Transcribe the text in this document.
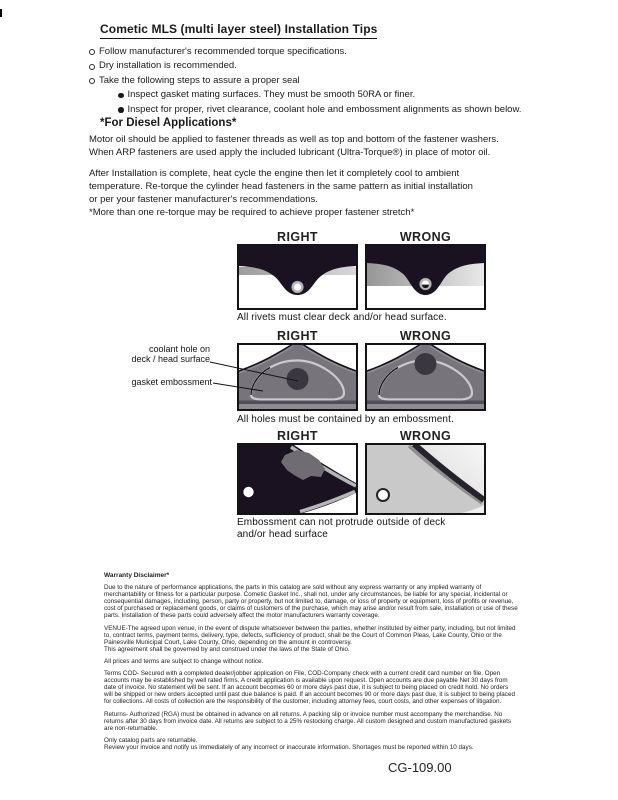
Cometic MLS (multi layer steel) Installation Tips
Follow manufacturer's recommended torque specifications.
Dry installation is recommended.
Take the following steps to assure a proper seal
Inspect gasket mating surfaces. They must be smooth 50RA or finer.
Inspect for proper, rivet clearance, coolant hole and embossment alignments as shown below.
*For Diesel Applications*
Motor oil should be applied to fastener threads as well as top and bottom of the fastener washers.
When ARP fasteners are used apply the included lubricant (Ultra-Torque®) in place of motor oil.
After Installation is complete, heat cycle the engine then let it completely cool to ambient
temperature. Re-torque the cylinder head fasteners in the same pattern as initial installation
or per your fastener manufacturer's recommendations.
*More than one re-torque may be required to achieve proper fastener stretch*
RIGHT	WRONG
All rivets must clear deck and/or head surface.
RIGHT	WRONG
coolant hole on
deck / head surface
gasket embossment
All holes must be contained by an embossment.
RIGHT	WRONG
Embossment can not protrude outside of deck and/or head surface
Warranty Disclaimer*

Due to the nature of performance applications, the parts in this catalog are sold without any express warranty or any implied warranty of merchantability or fitness for a particular purpose. Cometic Gasket Inc., shall not, under any circumstances, be liable for any special, incidental or consequential damages, including, person, party or property, but not limited to, damage, or loss of property or equipment, loss of profits or revenue, cost of purchased or replacement goods, or claims of customers of the purchase, which may arise and/or result from sale, installation or use of these parts. Installation of these parts could adversely affect the motor manufacturers warranty coverage.

VENUE-The agreed upon venue, in the event of dispute whatsoever between the parties, whether instituted by either party, including, but not limited to, contract terms, payment terms, delivery, type, defects, sufficiency of product, shall be the Court of Common Pleas, Lake County, Ohio or the Painesville Municipal Court, Lake County, Ohio, depending on the amount in controversy.

This agreement shall be governed by and construed under the laws of the State of Ohio.

All prices and terms are subject to change without notice.

Terms COD- Secured with a completed dealer/jobber application on File, COD-Company check with a current credit card number on file. Open accounts may be established by well rated firms. A credit application is available upon request. Open accounts are due payable Net 30 days from date of invoice. No statement will be sent. If an account becomes 60 or more days past due, it is subject to being placed on credit hold. No orders will be shipped or new orders accepted until past due balance is paid. If an account becomes 90 or more days past due, it is subject to being placed for collections. All costs of collection are the responsibility of the customer, including attorney fees, court costs, and other expenses of litigation.

Returns- Authorized (RGA) must be obtained in advance on all returns. A packing slip or invoice number must accompany the merchandise. No returns after 30 days from invoice date. All returns are subject to a 25% restocking charge. All custom designed and custom manufactured gaskets are non-returnable.

Only catalog parts are returnable.

Review your invoice and notify us immediately of any incorrect or inaccurate information. Shortages must be reported within 10 days.

CG-109.00
